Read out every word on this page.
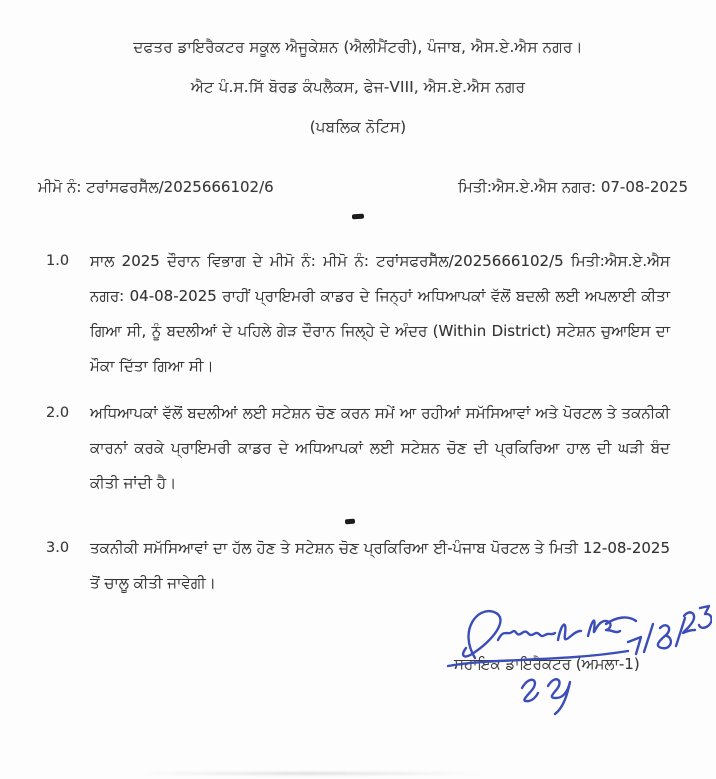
ਦਫਤਰ ਡਾਇਰੈਕਟਰ ਸਕੂਲ ਐਜੂਕੇਸ਼ਨ (ਐਲੀਮੈਂਟਰੀ), ਪੰਜਾਬ, ਐਸ.ਏ.ਐਸ ਨਗਰ।
ਐਟ ਪੰ.ਸ.ਸਿੱ ਬੋਰਡ ਕੰਪਲੈਕਸ, ਫੇਜ-VIII, ਐਸ.ਏ.ਐਸ ਨਗਰ
(ਪਬਲਿਕ ਨੋਟਿਸ)
ਮੀਮੋ ਨੰ: ਟਰਾਂਸਫਰਸੈੱਲ/2025666102/6	ਮਿਤੀ:ਐਸ.ਏ.ਐਸ ਨਗਰ: 07-08-2025
1.0	ਸਾਲ 2025 ਦੌਰਾਨ ਵਿਭਾਗ ਦੇ ਮੀਮੋ ਨੰ: ਮੀਮੋ ਨੰ: ਟਰਾਂਸਫਰਸੈੱਲ/2025666102/5 ਮਿਤੀ:ਐਸ.ਏ.ਐਸ ਨਗਰ: 04-08-2025 ਰਾਹੀਂ ਪ੍ਰਾਇਮਰੀ ਕਾਡਰ ਦੇ ਜਿਨ੍ਹਾਂ ਅਧਿਆਪਕਾਂ ਵੱਲੋਂ ਬਦਲੀ ਲਈ ਅਪਲਾਈ ਕੀਤਾ ਗਿਆ ਸੀ, ਨੂੰ ਬਦਲੀਆਂ ਦੇ ਪਹਿਲੇ ਗੇੜ ਦੌਰਾਨ ਜਿਲ੍ਹੇ ਦੇ ਅੰਦਰ (Within District) ਸਟੇਸ਼ਨ ਚੁਆਇਸ ਦਾ ਮੌਕਾ ਦਿੱਤਾ ਗਿਆ ਸੀ।
2.0	ਅਧਿਆਪਕਾਂ ਵੱਲੋਂ ਬਦਲੀਆਂ ਲਈ ਸਟੇਸ਼ਨ ਚੋਣ ਕਰਨ ਸਮੇਂ ਆ ਰਹੀਆਂ ਸਮੱਸਿਆਵਾਂ ਅਤੇ ਪੋਰਟਲ ਤੇ ਤਕਨੀਕੀ ਕਾਰਨਾਂ ਕਰਕੇ ਪ੍ਰਾਇਮਰੀ ਕਾਡਰ ਦੇ ਅਧਿਆਪਕਾਂ ਲਈ ਸਟੇਸ਼ਨ ਚੋਣ ਦੀ ਪ੍ਰਕਿਰਿਆ ਹਾਲ ਦੀ ਘੜੀ ਬੰਦ ਕੀਤੀ ਜਾਂਦੀ ਹੈ।
3.0	ਤਕਨੀਕੀ ਸਮੱਸਿਆਵਾਂ ਦਾ ਹੱਲ ਹੋਣ ਤੇ ਸਟੇਸ਼ਨ ਚੋਣ ਪ੍ਰਕਿਰਿਆ ਈ-ਪੰਜਾਬ ਪੋਰਟਲ ਤੇ ਮਿਤੀ 12-08-2025 ਤੋਂ ਚਾਲੂ ਕੀਤੀ ਜਾਵੇਗੀ।
ਸਹਾਇਕ ਡਾਇਰੈਕਟਰ (ਅਮਲਾ-1)
